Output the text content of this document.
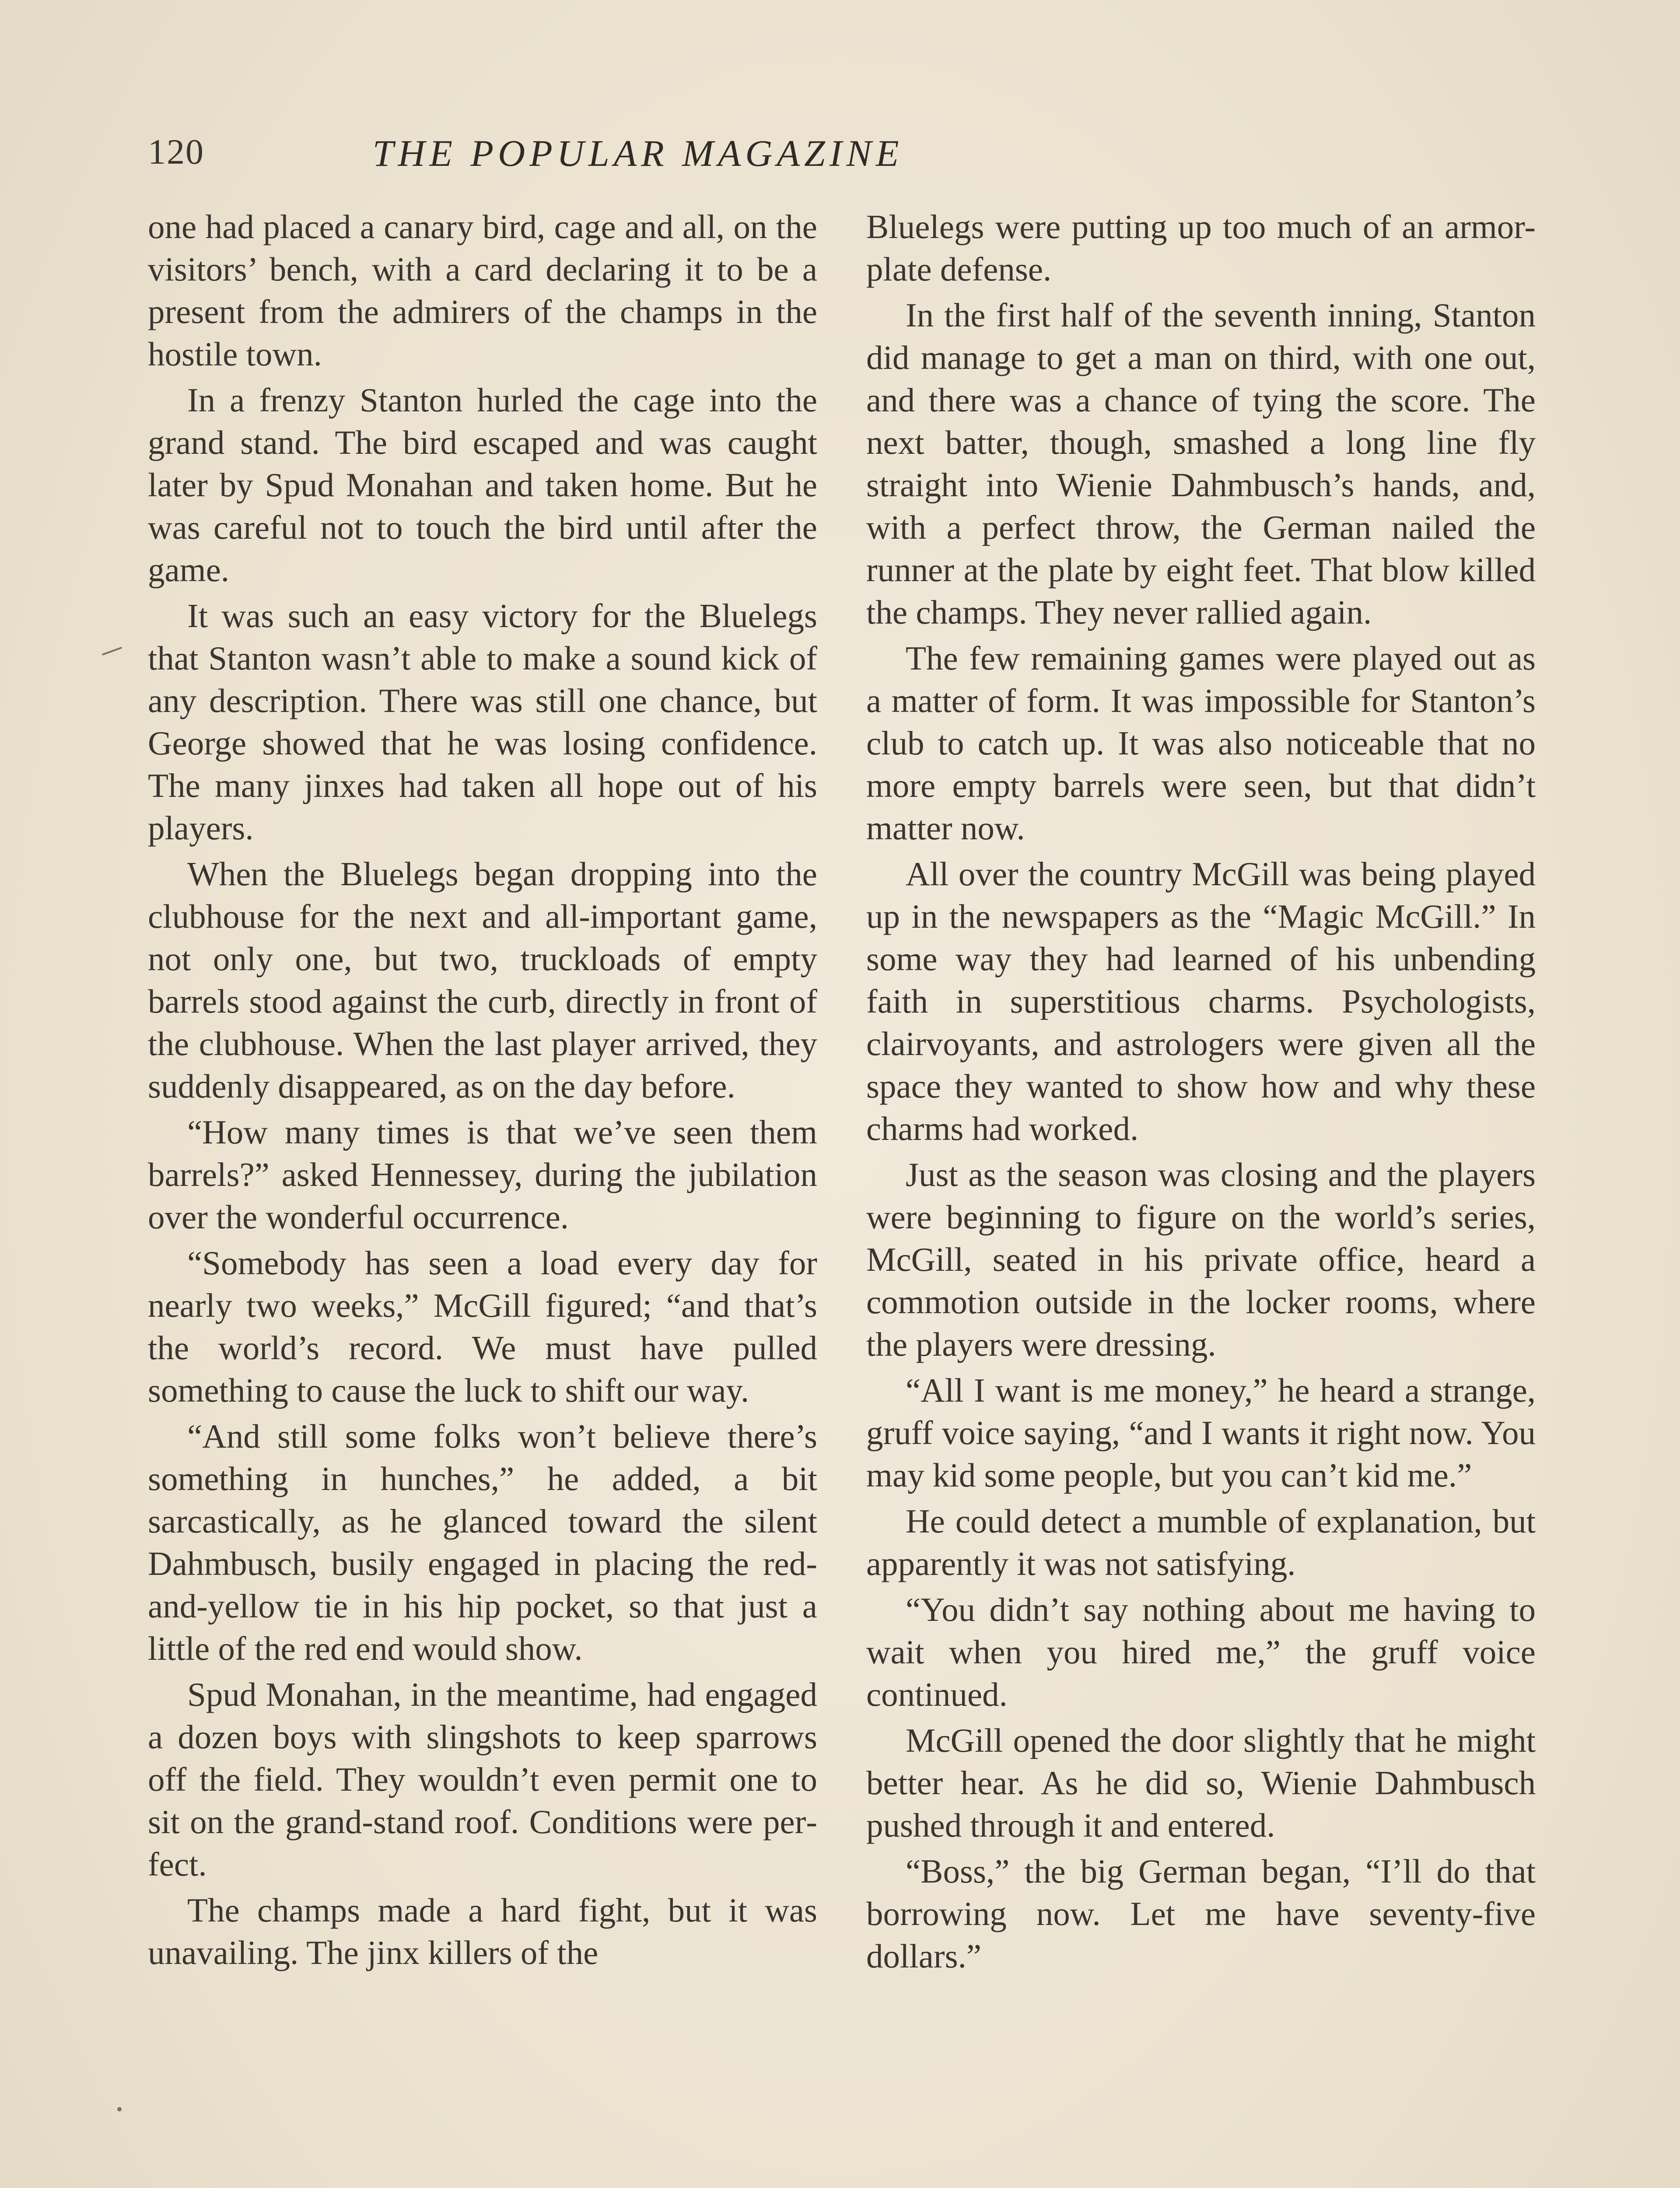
120	THE POPULAR MAGAZINE

one had placed a canary bird, cage and all, on the visitors’ bench, with a card declaring it to be a present from the admirers of the champs in the hostile town.

In a frenzy Stanton hurled the cage into the grand stand. The bird escaped and was caught later by Spud Monahan and taken home. But he was careful not to touch the bird until after the game.

It was such an easy victory for the Bluelegs that Stanton wasn’t able to make a sound kick of any description. There was still one chance, but George showed that he was losing confidence. The many jinxes had taken all hope out of his players.

When the Bluelegs began dropping into the clubhouse for the next and all-important game, not only one, but two, truckloads of empty barrels stood against the curb, directly in front of the clubhouse. When the last player arrived, they suddenly disappeared, as on the day before.

“How many times is that we’ve seen them barrels?” asked Hennessey, during the jubilation over the wonderful occurrence.

“Somebody has seen a load every day for nearly two weeks,” McGill figured; “and that’s the world’s record. We must have pulled something to cause the luck to shift our way.

“And still some folks won’t believe there’s something in hunches,” he added, a bit sarcastically, as he glanced toward the silent Dahmbusch, busily engaged in placing the red-and-yellow tie in his hip pocket, so that just a little of the red end would show.

Spud Monahan, in the meantime, had engaged a dozen boys with slingshots to keep sparrows off the field. They wouldn’t even permit one to sit on the grand-stand roof. Conditions were perfect.

The champs made a hard fight, but it was unavailing. The jinx killers of the

Bluelegs were putting up too much of an armor-plate defense.

In the first half of the seventh inning, Stanton did manage to get a man on third, with one out, and there was a chance of tying the score. The next batter, though, smashed a long line fly straight into Wienie Dahmbusch’s hands, and, with a perfect throw, the German nailed the runner at the plate by eight feet. That blow killed the champs. They never rallied again.

The few remaining games were played out as a matter of form. It was impossible for Stanton’s club to catch up. It was also noticeable that no more empty barrels were seen, but that didn’t matter now.

All over the country McGill was being played up in the newspapers as the “Magic McGill.” In some way they had learned of his unbending faith in superstitious charms. Psychologists, clairvoyants, and astrologers were given all the space they wanted to show how and why these charms had worked.

Just as the season was closing and the players were beginning to figure on the world’s series, McGill, seated in his private office, heard a commotion outside in the locker rooms, where the players were dressing.

“All I want is me money,” he heard a strange, gruff voice saying, “and I wants it right now. You may kid some people, but you can’t kid me.”

He could detect a mumble of explanation, but apparently it was not satisfying.

“You didn’t say nothing about me having to wait when you hired me,” the gruff voice continued.

McGill opened the door slightly that he might better hear. As he did so, Wienie Dahmbusch pushed through it and entered.

“Boss,” the big German began, “I’ll do that borrowing now. Let me have seventy-five dollars.”
